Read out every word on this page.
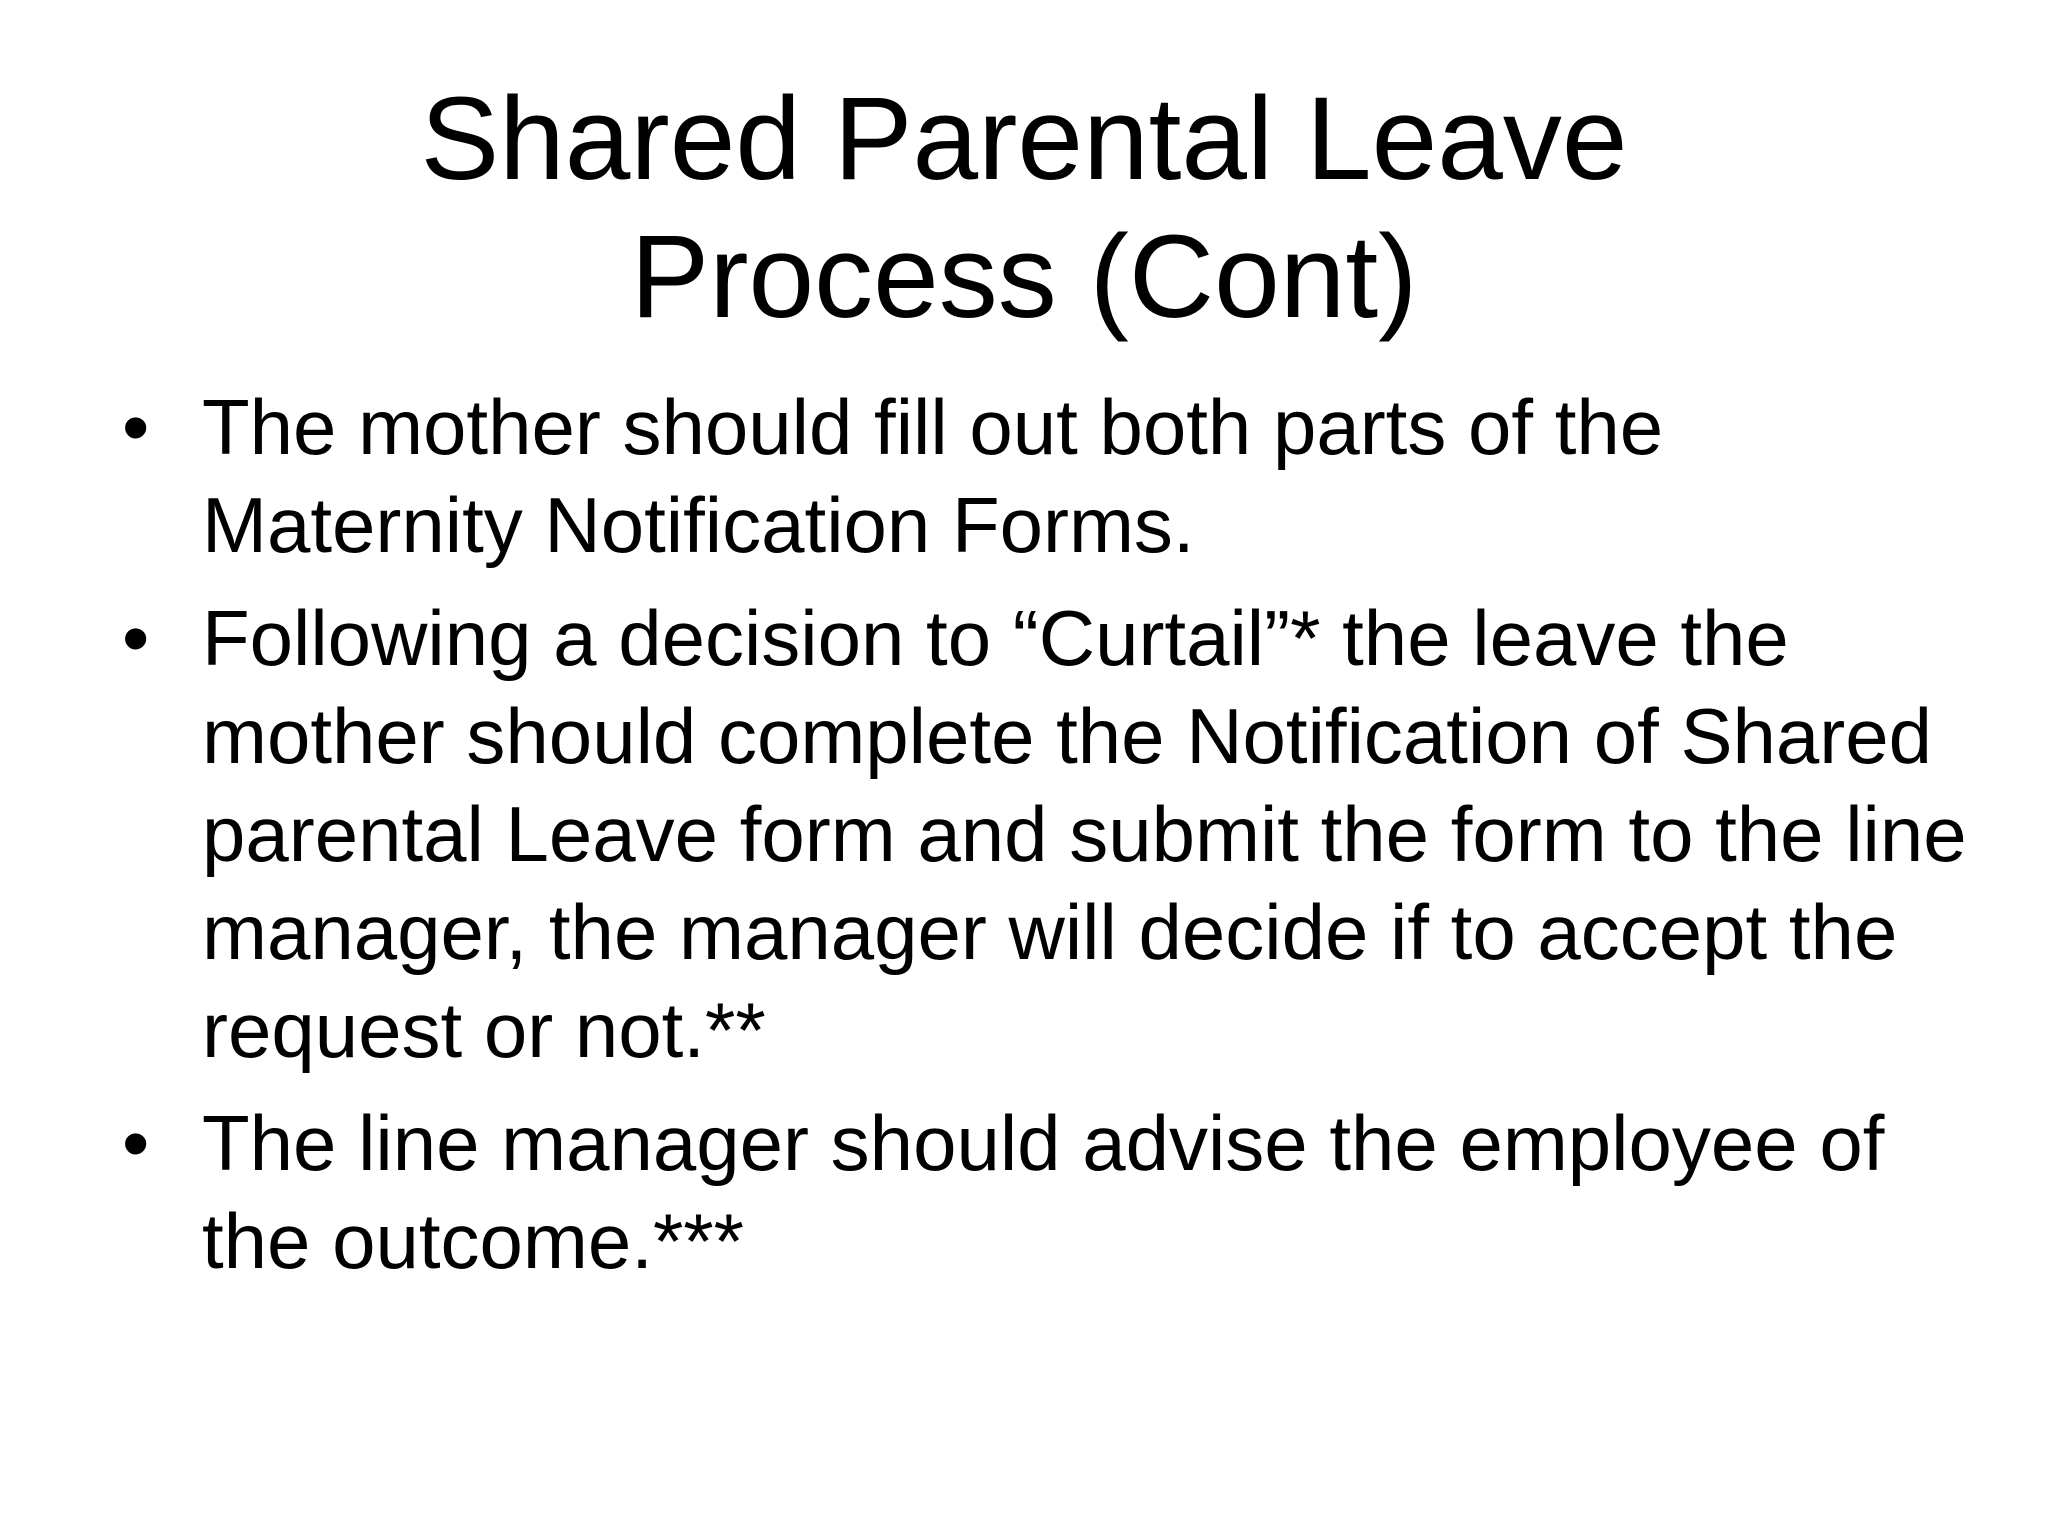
Shared Parental Leave
Process (Cont)
• The mother should fill out both parts of the Maternity Notification Forms.
• Following a decision to “Curtail”* the leave the mother should complete the Notification of Shared parental Leave form and submit the form to the line manager, the manager will decide if to accept the request or not.**
• The line manager should advise the employee of the outcome.***
